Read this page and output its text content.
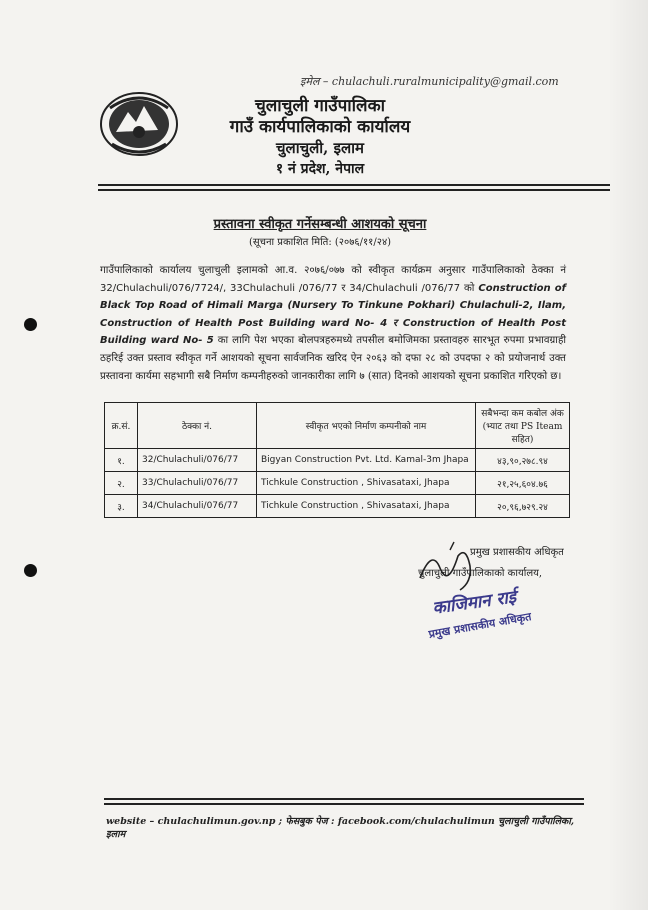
इमेल – chulachuli.ruralmunicipality@gmail.com
चुलाचुली गाउँपालिका
गाउँ कार्यपालिकाको कार्यालय
चुलाचुली, इलाम
१ नं प्रदेश, नेपाल
प्रस्तावना स्वीकृत गर्नेसम्बन्धी आशयको सूचना
(सूचना प्रकाशित मिति: (२०७६/११/२४)
गाउँपालिकाको कार्यालय चुलाचुली इलामको आ.व. २०७६/०७७ को स्वीकृत कार्यक्रम अनुसार गाउँपालिकाको ठेक्का नं 32/Chulachuli/076/7724/, 33Chulachuli /076/77 र 34/Chulachuli /076/77 को Construction of Black Top Road of Himali Marga (Nursery To Tinkune Pokhari) Chulachuli-2, Ilam, Construction of Health Post Building ward No- 4 र Construction of Health Post Building ward No- 5 का लागि पेश भएका बोलपत्रहरुमध्ये तपसील बमोजिमका प्रस्तावहरु सारभूत रुपमा प्रभावग्राही ठहरिई उक्त प्रस्ताव स्वीकृत गर्ने आशयको सूचना सार्वजनिक खरिद ऐन २०६३ को दफा २८ को उपदफा २ को प्रयोजनार्थ उक्त प्रस्तावना कार्यमा सहभागी सबै निर्माण कम्पनीहरुको जानकारीका लागि ७ (सात) दिनको आशयको सूचना प्रकाशित गरिएको छ।
क्र.सं.	ठेक्का नं.	स्वीकृत भएको निर्माण कम्पनीको नाम	सबैभन्दा कम कबोल अंक (भ्याट तथा PS Iteam सहित)
१.	32/Chulachuli/076/77	Bigyan Construction Pvt. Ltd. Kamal-3m Jhapa	४३,९०,२७८.९४
२.	33/Chulachuli/076/77	Tichkule Construction , Shivasataxi, Jhapa	२१,२५,६०४.७६
३.	34/Chulachuli/076/77	Tichkule Construction , Shivasataxi, Jhapa	२०,९६,७२९.२४
प्रमुख प्रशासकीय अधिकृत
चुलाचुली गाउँपालिकाको कार्यालय,
काजिमान राई
प्रमुख प्रशासकीय अधिकृत
website – chulachulimun.gov.np ; फेसबुक पेज : facebook.com/chulachulimun चुलाचुली गाउँपालिका, इलाम
